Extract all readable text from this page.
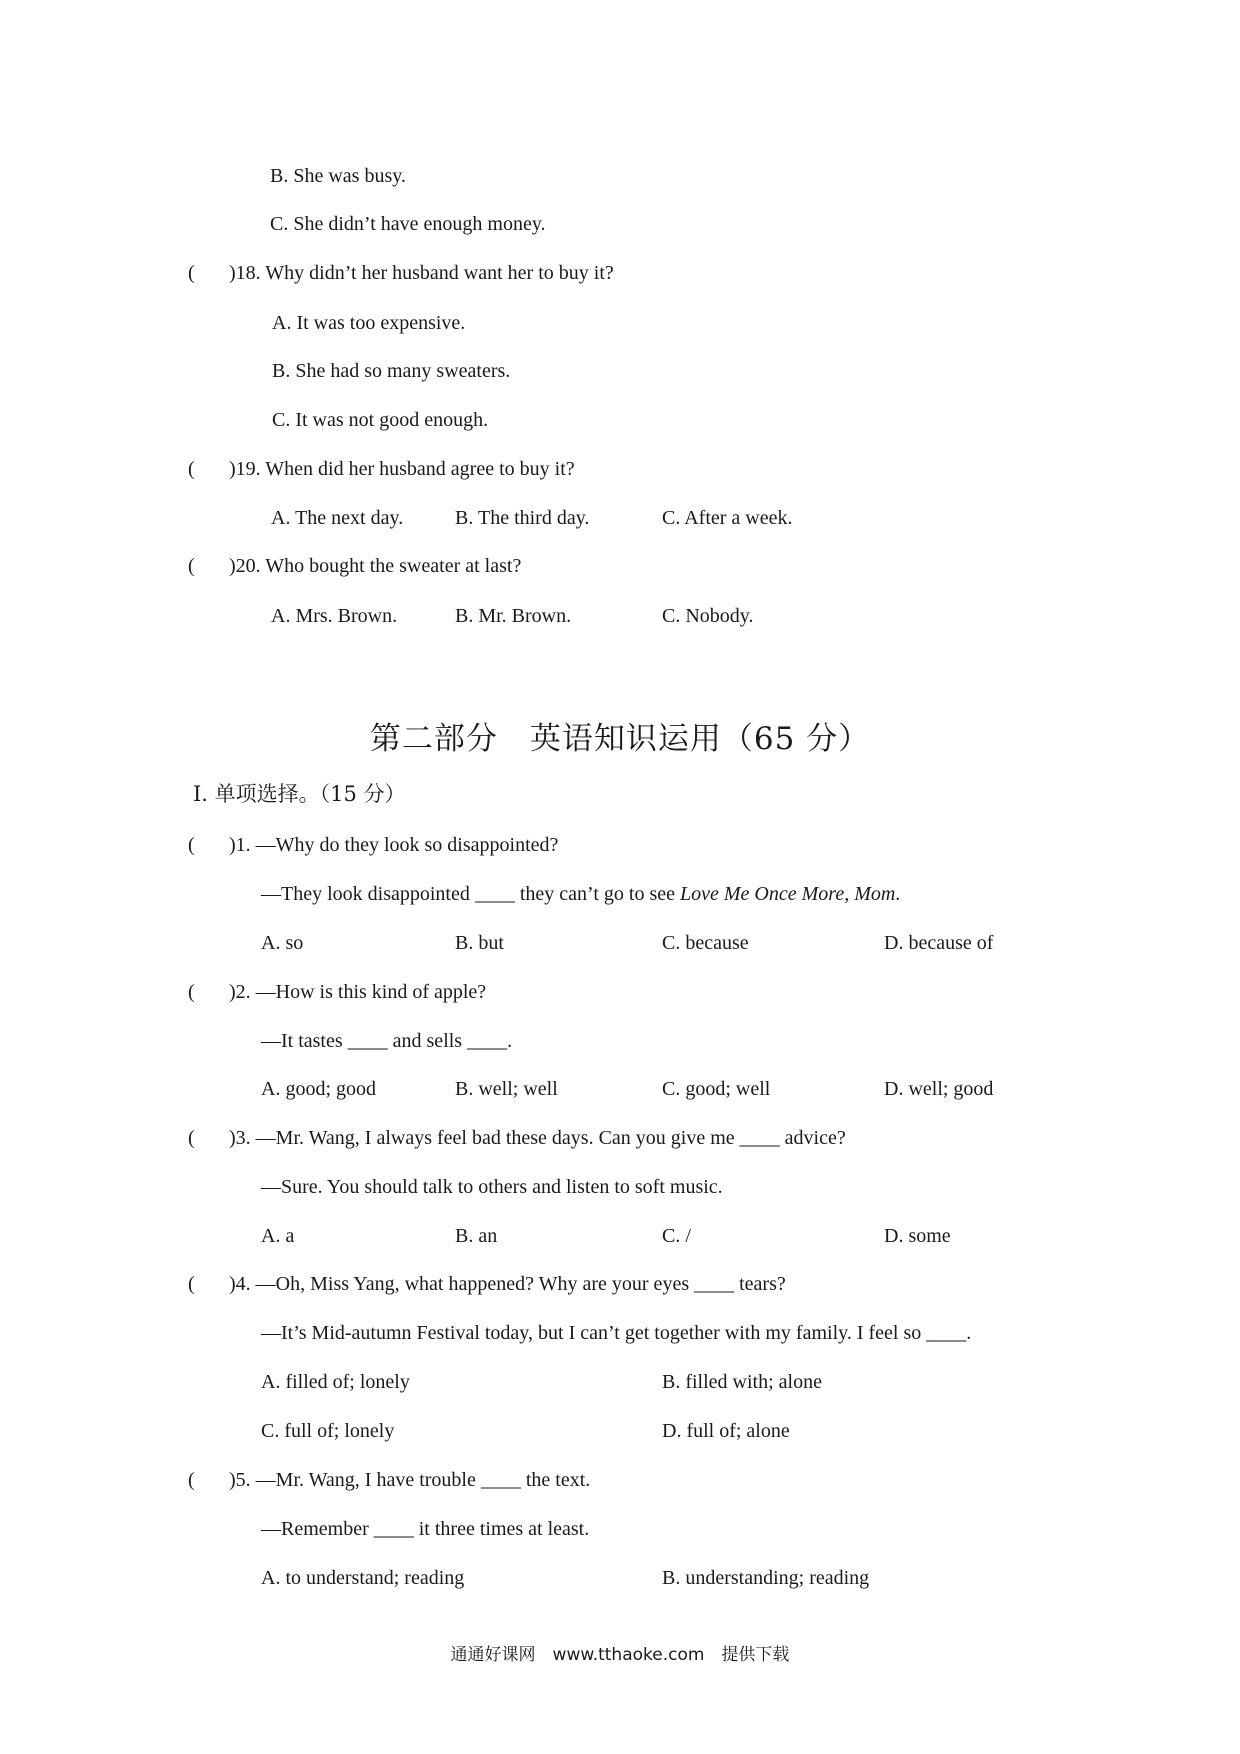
B. She was busy.
C. She didn’t have enough money.
( )18. Why didn’t her husband want her to buy it?
A. It was too expensive.
B. She had so many sweaters.
C. It was not good enough.
( )19. When did her husband agree to buy it?
A. The next day.	B. The third day.	C. After a week.
( )20. Who bought the sweater at last?
A. Mrs. Brown.	B. Mr. Brown.	C. Nobody.
第二部分　英语知识运用（65 分）
Ⅰ. 单项选择。（15 分）
( )1. —Why do they look so disappointed?
—They look disappointed ____ they can’t go to see Love Me Once More, Mom.
A. so	B. but	C. because	D. because of
( )2. —How is this kind of apple?
—It tastes ____ and sells ____.
A. good; good	B. well; well	C. good; well	D. well; good
( )3. —Mr. Wang, I always feel bad these days. Can you give me ____ advice?
—Sure. You should talk to others and listen to soft music.
A. a	B. an	C. /	D. some
( )4. —Oh, Miss Yang, what happened? Why are your eyes ____ tears?
—It’s Mid-autumn Festival today, but I can’t get together with my family. I feel so ____.
A. filled of; lonely	B. filled with; alone
C. full of; lonely	D. full of; alone
( )5. —Mr. Wang, I have trouble ____ the text.
—Remember ____ it three times at least.
A. to understand; reading	B. understanding; reading
通通好课网　www.tthaoke.com　提供下载
